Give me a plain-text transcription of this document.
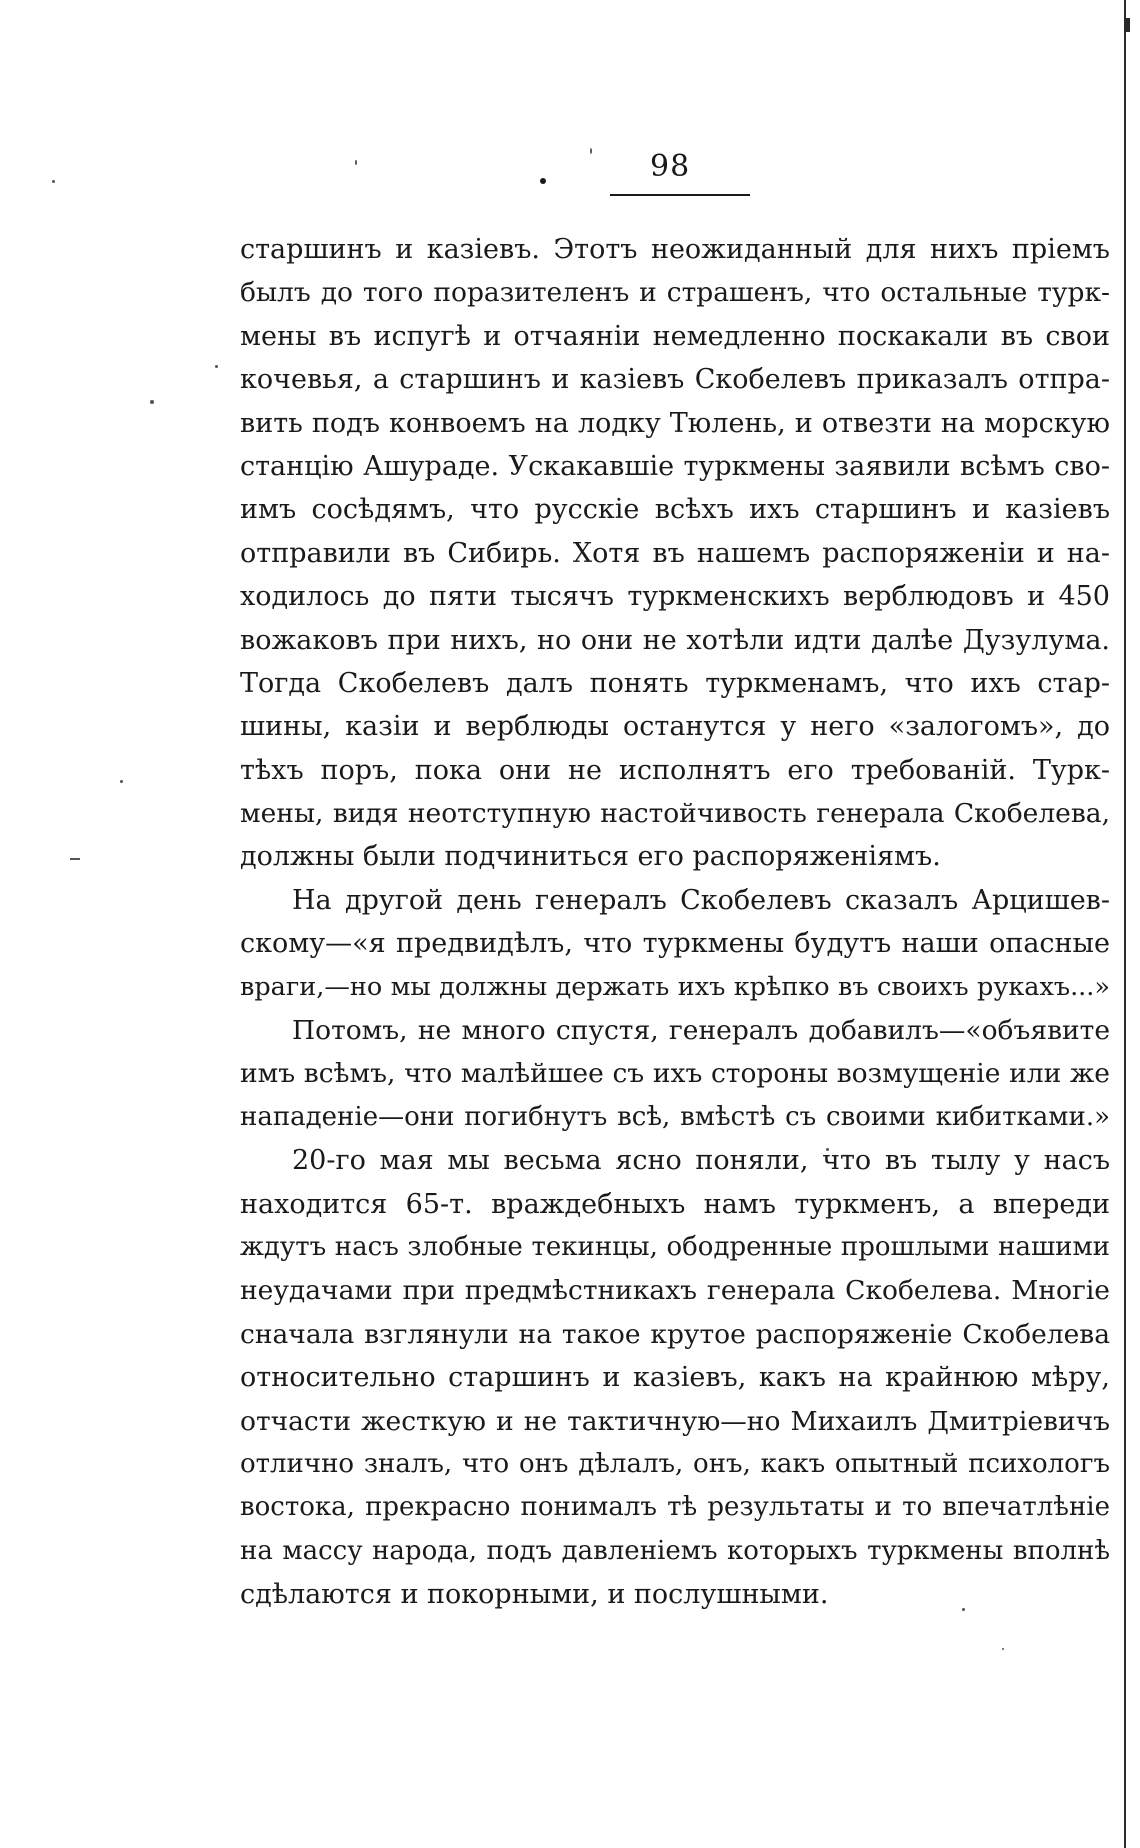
98
старшинъ и казіевъ. Этотъ неожиданный для нихъ пріемъ
былъ до того поразителенъ и страшенъ, что остальные турк-
мены въ испугѣ и отчаяніи немедленно поскакали въ свои
кочевья, а старшинъ и казіевъ Скобелевъ приказалъ отпра-
вить подъ конвоемъ на лодку Тюлень, и отвезти на морскую
станцію Ашураде. Ускакавшіе туркмены заявили всѣмъ сво-
имъ сосѣдямъ, что русскіе всѣхъ ихъ старшинъ и казіевъ
отправили въ Сибирь. Хотя въ нашемъ распоряженіи и на-
ходилось до пяти тысячъ туркменскихъ верблюдовъ и 450
вожаковъ при нихъ, но они не хотѣли идти далѣе Дузулума.
Тогда Скобелевъ далъ понять туркменамъ, что ихъ стар-
шины, казіи и верблюды останутся у него «залогомъ», до
тѣхъ поръ, пока они не исполнятъ его требованій. Турк-
мены, видя неотступную настойчивость генерала Скобелева,
должны были подчиниться его распоряженіямъ.
На другой день генералъ Скобелевъ сказалъ Арцишев-
скому—«я предвидѣлъ, что туркмены будутъ наши опасные
враги,—но мы должны держать ихъ крѣпко въ своихъ рукахъ...»
Потомъ, не много спустя, генералъ добавилъ—«объявите
имъ всѣмъ, что малѣйшее съ ихъ стороны возмущеніе или же
нападеніе—они погибнутъ всѣ, вмѣстѣ съ своими кибитками.»
20-го мая мы весьма ясно поняли, что въ тылу у насъ
находится 65-т. враждебныхъ намъ туркменъ, а впереди
ждутъ насъ злобные текинцы, ободренные прошлыми нашими
неудачами при предмѣстникахъ генерала Скобелева. Многіе
сначала взглянули на такое крутое распоряженіе Скобелева
относительно старшинъ и казіевъ, какъ на крайнюю мѣру,
отчасти жесткую и не тактичную—но Михаилъ Дмитріевичъ
отлично зналъ, что онъ дѣлалъ, онъ, какъ опытный психологъ
востока, прекрасно понималъ тѣ результаты и то впечатлѣніе
на массу народа, подъ давленіемъ которыхъ туркмены вполнѣ
сдѣлаются и покорными, и послушными.
